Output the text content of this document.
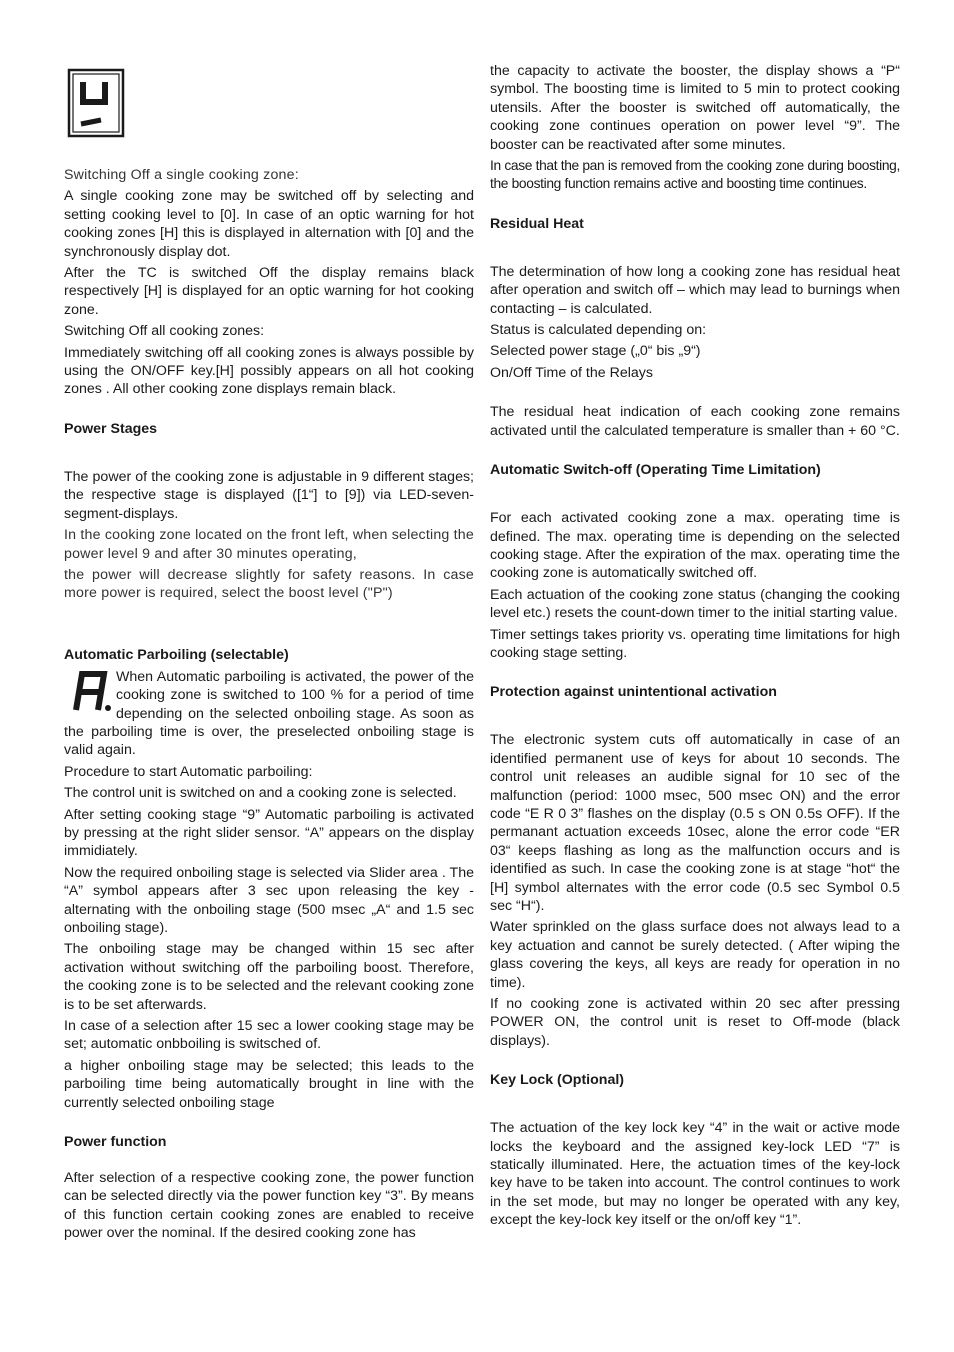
Switching Off a single cooking zone:

A single cooking zone may be switched off by selecting and setting cooking level to [0]. In case of an optic warning for hot cooking zones [H] this is displayed in alternation with [0] and the synchronously display dot.

After the TC is switched Off the display remains black respectively [H] is displayed for an optic warning for hot cooking zone.

Switching Off all cooking zones:

Immediately switching off all cooking zones is always possible by using the ON/OFF key.[H] possibly appears on all hot cooking zones . All other cooking zone displays remain black.

Power Stages

The power of the cooking zone is adjustable in 9 different stages; the respective stage is displayed ([1“] to [9]) via LED-seven-segment-displays.

In the cooking zone located on the front left, when selecting the power level 9 and after 30 minutes operating,

the power will decrease slightly for safety reasons. In case more power is required, select the boost level ("P")

Automatic Parboiling (selectable)

When Automatic parboiling is activated, the power of the cooking zone is switched to 100 % for a period of time depending on the selected onboiling stage. As soon as the parboiling time is over, the preselected onboiling stage is valid again.

Procedure to start Automatic parboiling:

The control unit is switched on and a cooking zone is selected.

After setting cooking stage “9” Automatic parboiling is activated by pressing at the right slider sensor. “A” appears on the display immidiately.

Now the required onboiling stage is selected via Slider area . The “A” symbol appears after 3 sec upon releasing the key - alternating with the onboiling stage (500 msec „A“ and 1.5 sec onboiling stage).

The onboiling stage may be changed within 15 sec after activation without switching off the parboiling boost. Therefore, the cooking zone is to be selected and the relevant cooking zone is to be set afterwards.

In case of a selection after 15 sec a lower cooking stage may be set; automatic onbboiling is switsched of.

a higher onboiling stage may be selected; this leads to the parboiling time being automatically brought in line with the currently selected onboiling stage

Power function

After selection of a respective cooking zone, the power function can be selected directly via the power function key “3”. By means of this function certain cooking zones are enabled to receive power over the nominal. If the desired cooking zone has

the capacity to activate the booster, the display shows a “P“ symbol. The boosting time is limited to 5 min to protect cooking utensils. After the booster is switched off automatically, the cooking zone continues operation on power level “9”. The booster can be reactivated after some minutes.

In case that the pan is removed from the cooking zone during boosting, the boosting function remains active and boosting time continues.

Residual Heat

The determination of how long a cooking zone has residual heat after operation and switch off – which may lead to burnings when contacting – is calculated.

Status is calculated depending on:

Selected power stage („0“ bis „9“)

On/Off Time of the Relays

The residual heat indication of each cooking zone remains activated until the calculated temperature is smaller than + 60 °C.

Automatic Switch-off (Operating Time Limitation)

For each activated cooking zone a max. operating time is defined. The max. operating time is depending on the selected cooking stage. After the expiration of the max. operating time the cooking zone is automatically switched off.

Each actuation of the cooking zone status (changing the cooking level etc.) resets the count-down timer to the initial starting value.

Timer settings takes priority vs. operating time limitations for high cooking stage setting.

Protection against unintentional activation

The electronic system cuts off automatically in case of an identified permanent use of keys for about 10 seconds. The control unit releases an audible signal for 10 sec of the malfunction (period: 1000 msec, 500 msec ON) and the error code “E R 0 3” flashes on the display (0.5 s ON 0.5s OFF). If the permanant actuation exceeds 10sec, alone the error code “ER 03“ keeps flashing as long as the malfunction occurs and is identified as such. In case the cooking zone is at stage “hot“ the [H] symbol alternates with the error code (0.5 sec Symbol 0.5 sec “H“).

Water sprinkled on the glass surface does not always lead to a key actuation and cannot be surely detected. ( After wiping the glass covering the keys, all keys are ready for operation in no time).

If no cooking zone is activated within 20 sec after pressing POWER ON, the control unit is reset to Off-mode (black displays).

Key Lock (Optional)

The actuation of the key lock key “4” in the wait or active mode locks the keyboard and the assigned key-lock LED “7” is statically illuminated. Here, the actuation times of the key-lock key have to be taken into account. The control continues to work in the set mode, but may no longer be operated with any key, except the key-lock key itself or the on/off key “1”.
